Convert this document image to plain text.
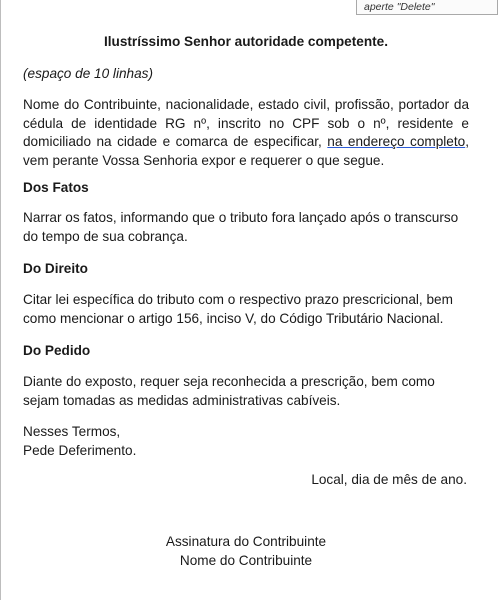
aperte "Delete"

Ilustríssimo Senhor autoridade competente.

(espaço de 10 linhas)

Nome do Contribuinte, nacionalidade, estado civil, profissão, portador da cédula de identidade RG nº, inscrito no CPF sob o nº, residente e domiciliado na cidade e comarca de especificar, na endereço completo, vem perante Vossa Senhoria expor e requerer o que segue.

Dos Fatos

Narrar os fatos, informando que o tributo fora lançado após o transcurso do tempo de sua cobrança.

Do Direito

Citar lei específica do tributo com o respectivo prazo prescricional, bem como mencionar o artigo 156, inciso V, do Código Tributário Nacional.

Do Pedido

Diante do exposto, requer seja reconhecida a prescrição, bem como sejam tomadas as medidas administrativas cabíveis.

Nesses Termos,
Pede Deferimento.

Local, dia de mês de ano.

Assinatura do Contribuinte
Nome do Contribuinte
